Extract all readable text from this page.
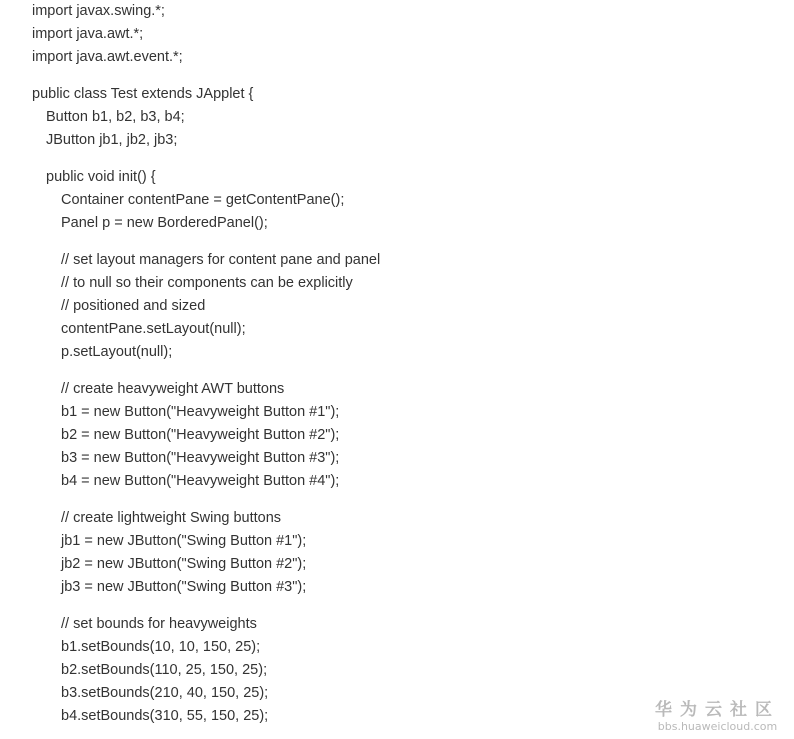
import javax.swing.*;
import java.awt.*;
import java.awt.event.*;
public class Test extends JApplet {
Button b1, b2, b3, b4;
JButton jb1, jb2, jb3;
public void init() {
Container contentPane = getContentPane();
Panel p = new BorderedPanel();
// set layout managers for content pane and panel
// to null so their components can be explicitly
// positioned and sized
contentPane.setLayout(null);
p.setLayout(null);
// create heavyweight AWT buttons
b1 = new Button("Heavyweight Button #1");
b2 = new Button("Heavyweight Button #2");
b3 = new Button("Heavyweight Button #3");
b4 = new Button("Heavyweight Button #4");
// create lightweight Swing buttons
jb1 = new JButton("Swing Button #1");
jb2 = new JButton("Swing Button #2");
jb3 = new JButton("Swing Button #3");
// set bounds for heavyweights
b1.setBounds(10, 10, 150, 25);
b2.setBounds(110, 25, 150, 25);
b3.setBounds(210, 40, 150, 25);
b4.setBounds(310, 55, 150, 25);	华为云社区
bbs.huaweicloud.com
